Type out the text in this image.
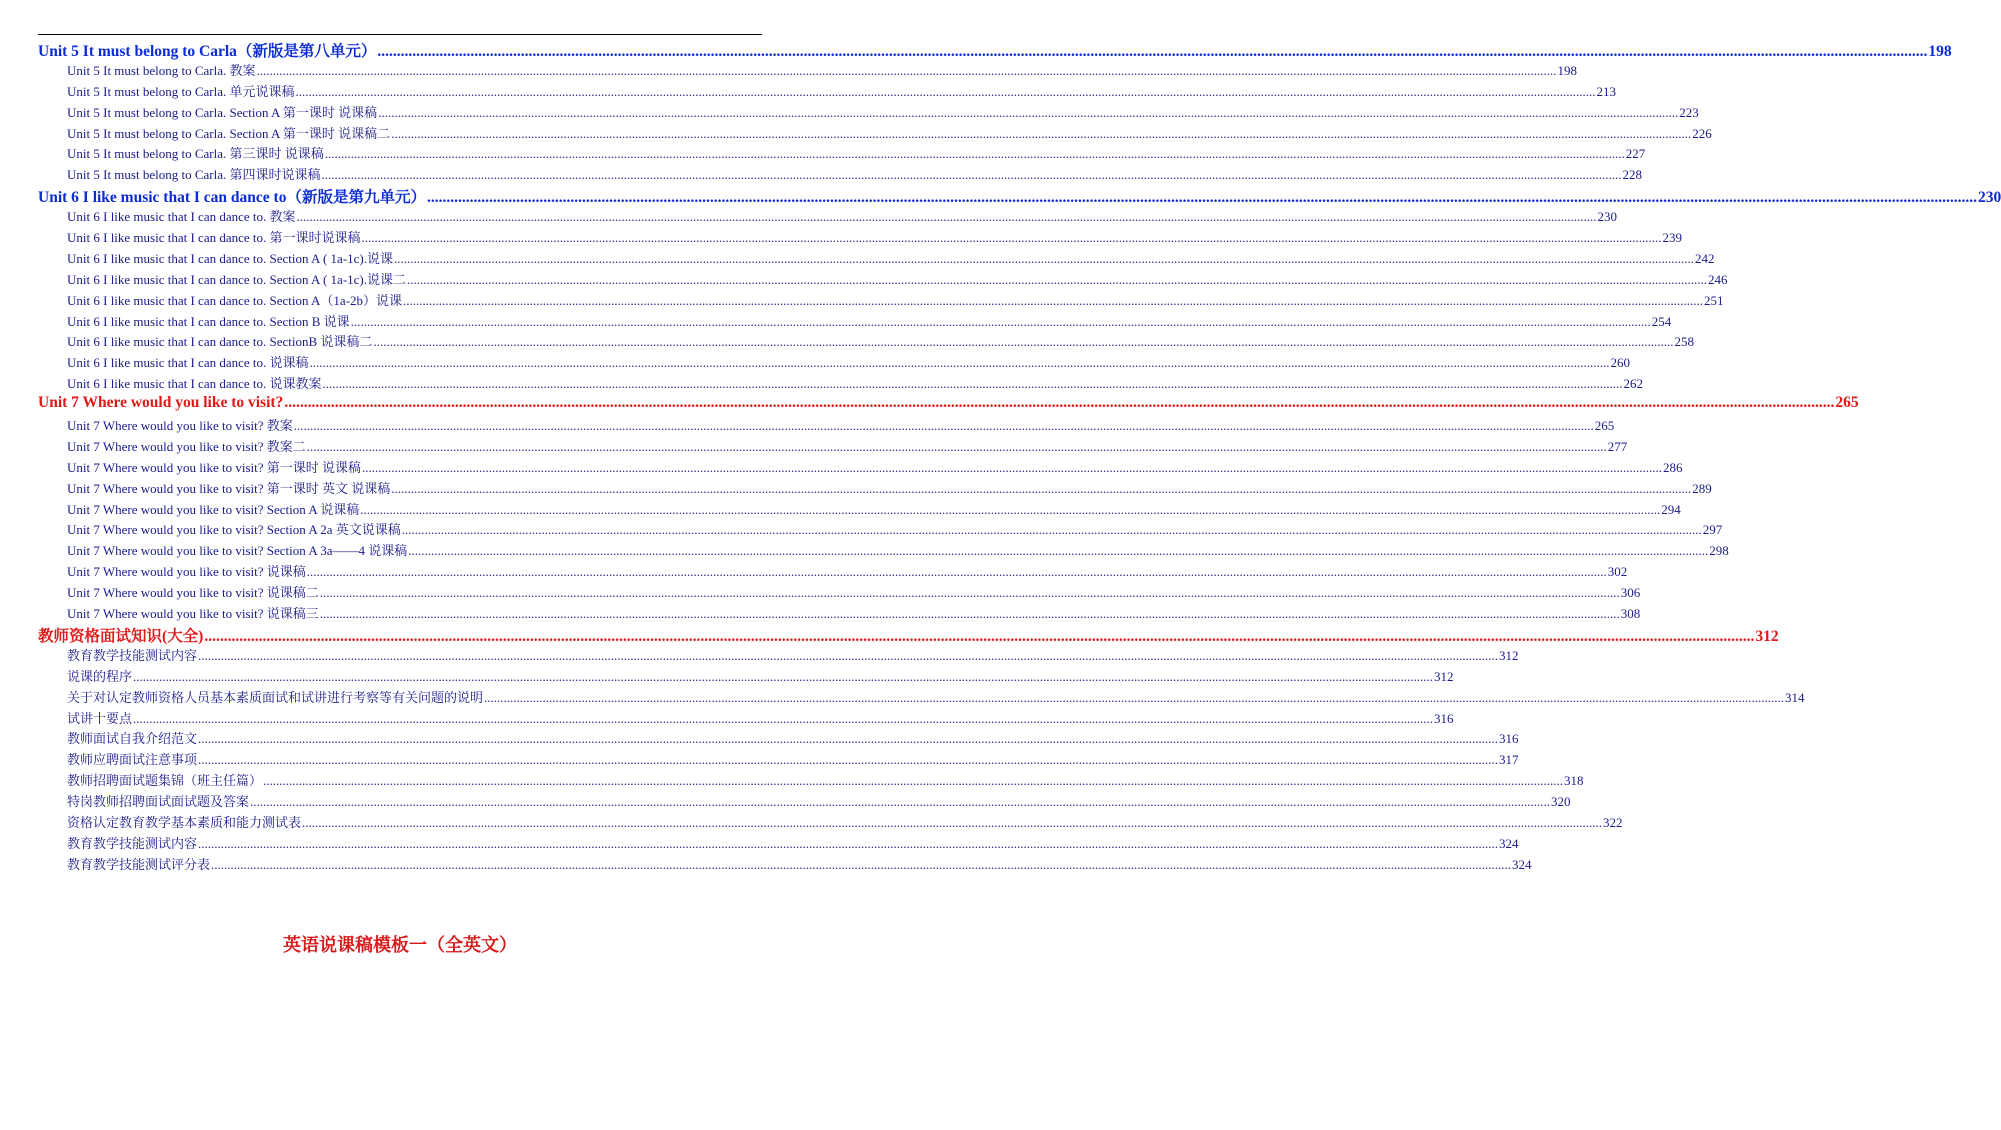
Unit 5 It must belong to Carla（新版是第八单元） ................................................................................................................................................................................................................................................................................................................................................................................................................ 198
Unit 5 It must belong to Carla. 教案 ................................................................................................................................................................................................................................................................................................................................................................................................................ 198
Unit 5 It must belong to Carla. 单元说课稿 ................................................................................................................................................................................................................................................................................................................................................................................................................ 213
Unit 5 It must belong to Carla. Section A 第一课时 说课稿 ................................................................................................................................................................................................................................................................................................................................................................................................................ 223
Unit 5 It must belong to Carla. Section A 第一课时 说课稿二 ................................................................................................................................................................................................................................................................................................................................................................................................................ 226
Unit 5 It must belong to Carla. 第三课时 说课稿 ................................................................................................................................................................................................................................................................................................................................................................................................................ 227
Unit 5 It must belong to Carla. 第四课时说课稿 ................................................................................................................................................................................................................................................................................................................................................................................................................ 228
Unit 6 I like music that I can dance to（新版是第九单元） ................................................................................................................................................................................................................................................................................................................................................................................................................ 230
Unit 6 I like music that I can dance to. 教案 ................................................................................................................................................................................................................................................................................................................................................................................................................ 230
Unit 6 I like music that I can dance to. 第一课时说课稿 ................................................................................................................................................................................................................................................................................................................................................................................................................ 239
Unit 6 I like music that I can dance to. Section A ( 1a-1c).说课 ................................................................................................................................................................................................................................................................................................................................................................................................................ 242
Unit 6 I like music that I can dance to. Section A ( 1a-1c).说课二 ................................................................................................................................................................................................................................................................................................................................................................................................................ 246
Unit 6 I like music that I can dance to. Section A（1a-2b）说课 ................................................................................................................................................................................................................................................................................................................................................................................................................ 251
Unit 6 I like music that I can dance to. Section B 说课 ................................................................................................................................................................................................................................................................................................................................................................................................................ 254
Unit 6 I like music that I can dance to. SectionB 说课稿二 ................................................................................................................................................................................................................................................................................................................................................................................................................ 258
Unit 6 I like music that I can dance to. 说课稿 ................................................................................................................................................................................................................................................................................................................................................................................................................ 260
Unit 6 I like music that I can dance to. 说课教案 ................................................................................................................................................................................................................................................................................................................................................................................................................ 262
Unit 7 Where would you like to visit? ................................................................................................................................................................................................................................................................................................................................................................................................................ 265
Unit 7 Where would you like to visit? 教案 ................................................................................................................................................................................................................................................................................................................................................................................................................ 265
Unit 7 Where would you like to visit? 教案二 ................................................................................................................................................................................................................................................................................................................................................................................................................ 277
Unit 7 Where would you like to visit? 第一课时 说课稿 ................................................................................................................................................................................................................................................................................................................................................................................................................ 286
Unit 7 Where would you like to visit? 第一课时 英文 说课稿 ................................................................................................................................................................................................................................................................................................................................................................................................................ 289
Unit 7 Where would you like to visit? Section A 说课稿 ................................................................................................................................................................................................................................................................................................................................................................................................................ 294
Unit 7 Where would you like to visit? Section A 2a 英文说课稿 ................................................................................................................................................................................................................................................................................................................................................................................................................ 297
Unit 7 Where would you like to visit? Section A 3a——4 说课稿 ................................................................................................................................................................................................................................................................................................................................................................................................................ 298
Unit 7 Where would you like to visit? 说课稿 ................................................................................................................................................................................................................................................................................................................................................................................................................ 302
Unit 7 Where would you like to visit? 说课稿二 ................................................................................................................................................................................................................................................................................................................................................................................................................ 306
Unit 7 Where would you like to visit? 说课稿三 ................................................................................................................................................................................................................................................................................................................................................................................................................ 308
教师资格面试知识(大全) ................................................................................................................................................................................................................................................................................................................................................................................................................ 312
教育教学技能测试内容 ................................................................................................................................................................................................................................................................................................................................................................................................................ 312
说课的程序 ................................................................................................................................................................................................................................................................................................................................................................................................................ 312
关于对认定教师资格人员基本素质面试和试讲进行考察等有关问题的说明 ................................................................................................................................................................................................................................................................................................................................................................................................................ 314
试讲十要点 ................................................................................................................................................................................................................................................................................................................................................................................................................ 316
教师面试自我介绍范文 ................................................................................................................................................................................................................................................................................................................................................................................................................ 316
教师应聘面试注意事项 ................................................................................................................................................................................................................................................................................................................................................................................................................ 317
教师招聘面试题集锦（班主任篇） ................................................................................................................................................................................................................................................................................................................................................................................................................ 318
特岗教师招聘面试面试题及答案 ................................................................................................................................................................................................................................................................................................................................................................................................................ 320
资格认定教育教学基本素质和能力测试表 ................................................................................................................................................................................................................................................................................................................................................................................................................ 322
教育教学技能测试内容 ................................................................................................................................................................................................................................................................................................................................................................................................................ 324
教育教学技能测试评分表 ................................................................................................................................................................................................................................................................................................................................................................................................................ 324
英语说课稿模板一（全英文）
